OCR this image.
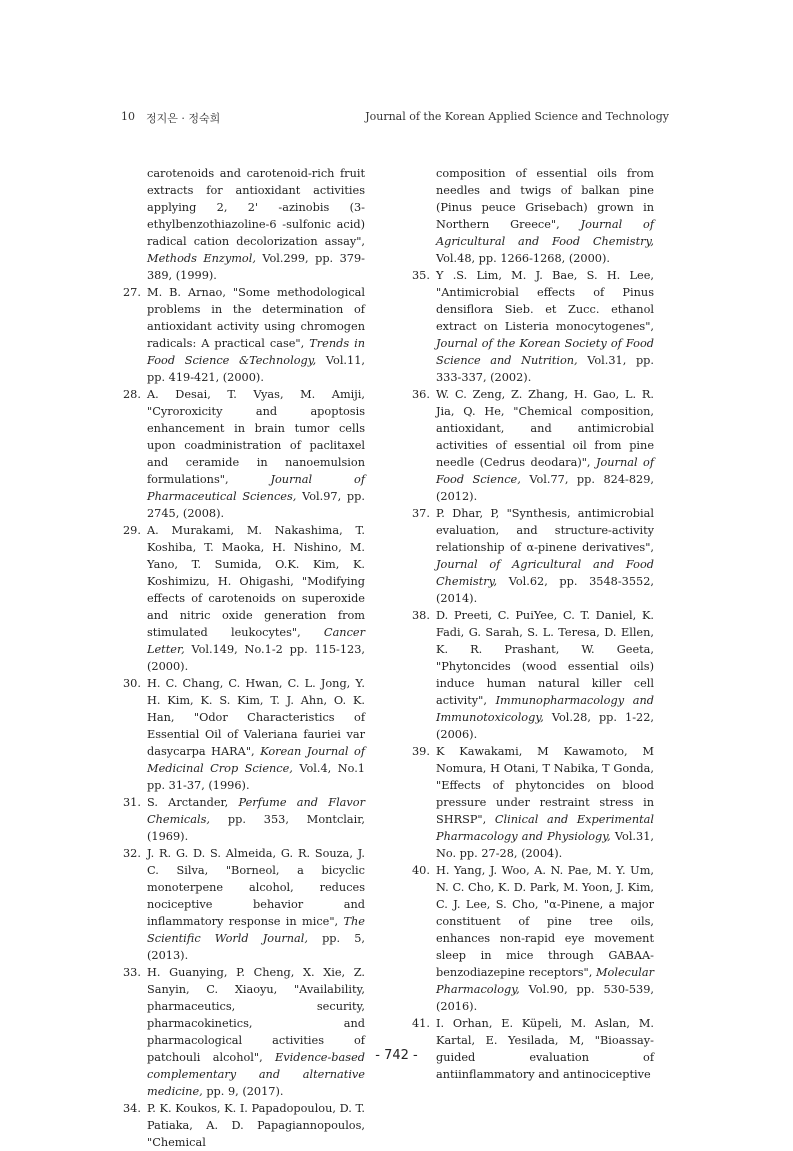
10 정지은 · 정숙희	Journal of the Korean Applied Science and Technology

carotenoids and carotenoid-rich fruit extracts for antioxidant activities applying 2, 2' -azinobis (3-ethylbenzothiazoline-6 -sulfonic acid) radical cation decolorization assay", Methods Enzymol, Vol.299, pp. 379-389, (1999).

27. M. B. Arnao, "Some methodological problems in the determination of antioxidant activity using chromogen radicals: A practical case", Trends in Food Science &Technology, Vol.11, pp. 419-421, (2000).

28. A. Desai, T. Vyas, M. Amiji, "Cyroroxicity and apoptosis enhancement in brain tumor cells upon coadministration of paclitaxel and ceramide in nanoemulsion formulations", Journal of Pharmaceutical Sciences, Vol.97, pp. 2745, (2008).

29. A. Murakami, M. Nakashima, T. Koshiba, T. Maoka, H. Nishino, M. Yano, T. Sumida, O.K. Kim, K. Koshimizu, H. Ohigashi, "Modifying effects of carotenoids on superoxide and nitric oxide generation from stimulated leukocytes", Cancer Letter, Vol.149, No.1-2 pp. 115-123, (2000).

30. H. C. Chang, C. Hwan, C. L. Jong, Y. H. Kim, K. S. Kim, T. J. Ahn, O. K. Han, "Odor Characteristics of Essential Oil of Valeriana fauriei var dasycarpa HARA", Korean Journal of Medicinal Crop Science, Vol.4, No.1 pp. 31-37, (1996).

31. S. Arctander, Perfume and Flavor Chemicals, pp. 353, Montclair, (1969).

32. J. R. G. D. S. Almeida, G. R. Souza, J. C. Silva, "Borneol, a bicyclic monoterpene alcohol, reduces nociceptive behavior and inflammatory response in mice", The Scientific World Journal, pp. 5, (2013).

33. H. Guanying, P. Cheng, X. Xie, Z. Sanyin, C. Xiaoyu, "Availability, pharmaceutics, security, pharmacokinetics, and pharmacological activities of patchouli alcohol", Evidence-based complementary and alternative medicine, pp. 9, (2017).

34. P. K. Koukos, K. I. Papadopoulou, D. T. Patiaka, A. D. Papagiannopoulos, "Chemical

composition of essential oils from needles and twigs of balkan pine (Pinus peuce Grisebach) grown in Northern Greece", Journal of Agricultural and Food Chemistry, Vol.48, pp. 1266-1268, (2000).

35. Y .S. Lim, M. J. Bae, S. H. Lee, "Antimicrobial effects of Pinus densiflora Sieb. et Zucc. ethanol extract on Listeria monocytogenes", Journal of the Korean Society of Food Science and Nutrition, Vol.31, pp. 333-337, (2002).

36. W. C. Zeng, Z. Zhang, H. Gao, L. R. Jia, Q. He, "Chemical composition, antioxidant, and antimicrobial activities of essential oil from pine needle (Cedrus deodara)", Journal of Food Science, Vol.77, pp. 824-829, (2012).

37. P. Dhar, P, "Synthesis, antimicrobial evaluation, and structure-activity relationship of α-pinene derivatives", Journal of Agricultural and Food Chemistry, Vol.62, pp. 3548-3552, (2014).

38. D. Preeti, C. PuiYee, C. T. Daniel, K. Fadi, G. Sarah, S. L. Teresa, D. Ellen, K. R. Prashant, W. Geeta, "Phytoncides (wood essential oils) induce human natural killer cell activity", Immunopharmacology and Immunotoxicology, Vol.28, pp. 1-22, (2006).

39. K Kawakami, M Kawamoto, M Nomura, H Otani, T Nabika, T Gonda, "Effects of phytoncides on blood pressure under restraint stress in SHRSP", Clinical and Experimental Pharmacology and Physiology, Vol.31, No. pp. 27-28, (2004).

40. H. Yang, J. Woo, A. N. Pae, M. Y. Um, N. C. Cho, K. D. Park, M. Yoon, J. Kim, C. J. Lee, S. Cho, "α-Pinene, a major constituent of pine tree oils, enhances non-rapid eye movement sleep in mice through GABAA-benzodiazepine receptors", Molecular Pharmacology, Vol.90, pp. 530-539, (2016).

41. I. Orhan, E. Küpeli, M. Aslan, M. Kartal, E. Yesilada, M, "Bioassay-guided evaluation of antiinflammatory and antinociceptive

- 742 -
